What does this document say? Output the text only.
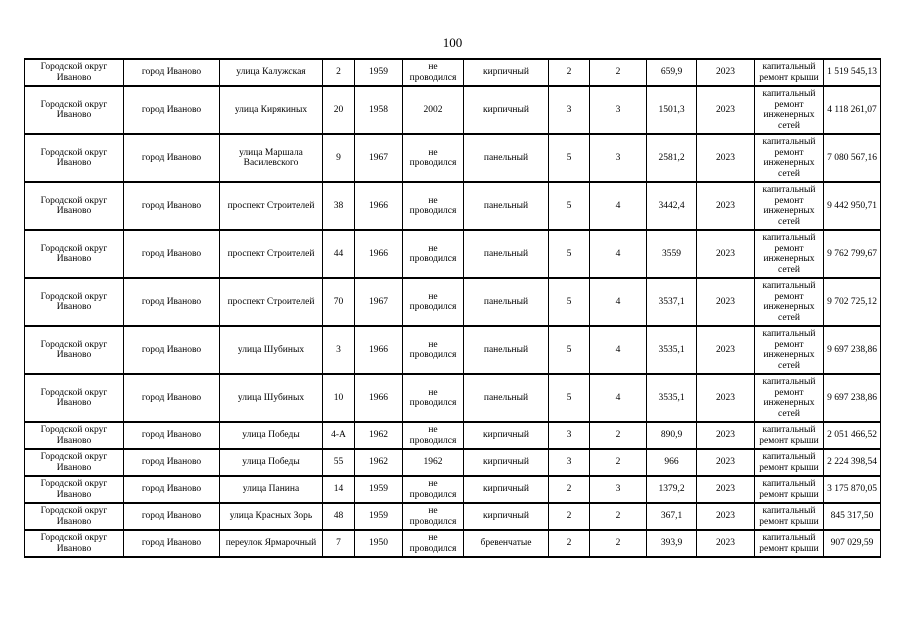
100
Городской округ Иваново	город Иваново	улица Калужская	2	1959	не проводился	кирпичный	2	2	659,9	2023	капитальный ремонт крыши	1 519 545,13
Городской округ Иваново	город Иваново	улица Кирякиных	20	1958	2002	кирпичный	3	3	1501,3	2023	капитальный ремонт инженерных сетей	4 118 261,07
Городской округ Иваново	город Иваново	улица Маршала Василевского	9	1967	не проводился	панельный	5	3	2581,2	2023	капитальный ремонт инженерных сетей	7 080 567,16
Городской округ Иваново	город Иваново	проспект Строителей	38	1966	не проводился	панельный	5	4	3442,4	2023	капитальный ремонт инженерных сетей	9 442 950,71
Городской округ Иваново	город Иваново	проспект Строителей	44	1966	не проводился	панельный	5	4	3559	2023	капитальный ремонт инженерных сетей	9 762 799,67
Городской округ Иваново	город Иваново	проспект Строителей	70	1967	не проводился	панельный	5	4	3537,1	2023	капитальный ремонт инженерных сетей	9 702 725,12
Городской округ Иваново	город Иваново	улица Шубиных	3	1966	не проводился	панельный	5	4	3535,1	2023	капитальный ремонт инженерных сетей	9 697 238,86
Городской округ Иваново	город Иваново	улица Шубиных	10	1966	не проводился	панельный	5	4	3535,1	2023	капитальный ремонт инженерных сетей	9 697 238,86
Городской округ Иваново	город Иваново	улица Победы	4-А	1962	не проводился	кирпичный	3	2	890,9	2023	капитальный ремонт крыши	2 051 466,52
Городской округ Иваново	город Иваново	улица Победы	55	1962	1962	кирпичный	3	2	966	2023	капитальный ремонт крыши	2 224 398,54
Городской округ Иваново	город Иваново	улица Панина	14	1959	не проводился	кирпичный	2	3	1379,2	2023	капитальный ремонт крыши	3 175 870,05
Городской округ Иваново	город Иваново	улица Красных Зорь	48	1959	не проводился	кирпичный	2	2	367,1	2023	капитальный ремонт крыши	845 317,50
Городской округ Иваново	город Иваново	переулок Ярмарочный	7	1950	не проводился	бревенчатые	2	2	393,9	2023	капитальный ремонт крыши	907 029,59
